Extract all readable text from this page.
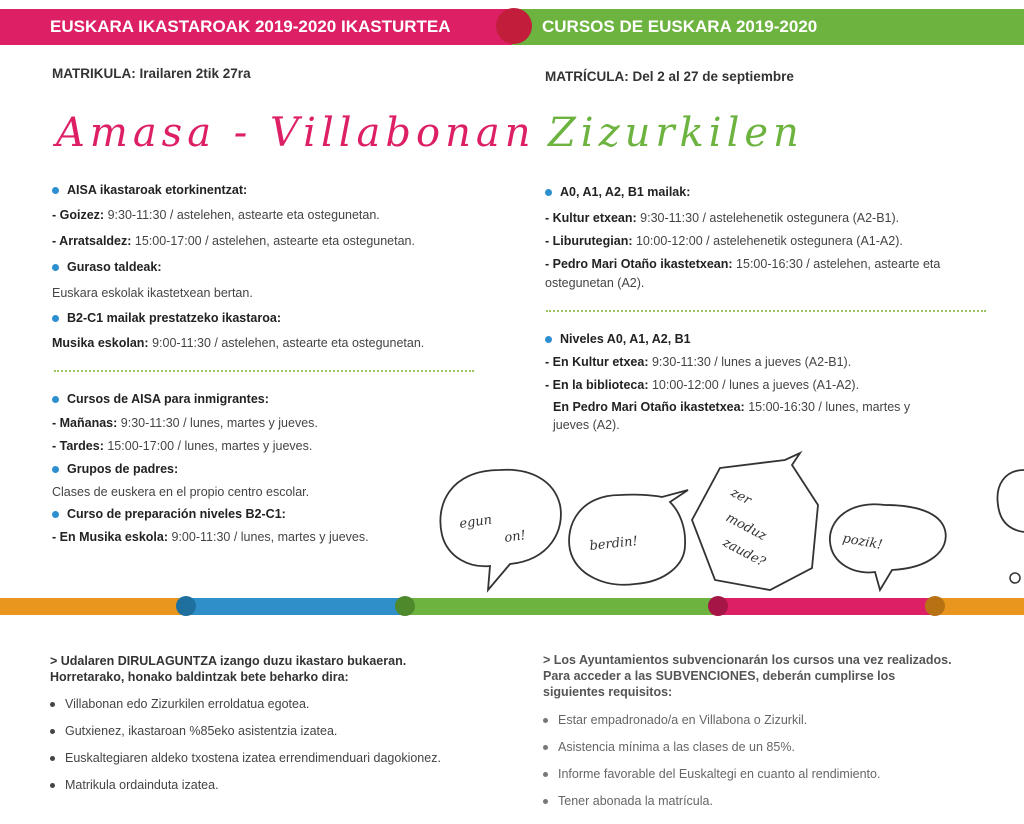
EUSKARA IKASTAROAK 2019-2020 IKASTURTEA	CURSOS DE EUSKARA 2019-2020
MATRIKULA: Irailaren 2tik 27ra	MATRÍCULA: Del 2 al 27 de septiembre
Amasa - Villabonan Zizurkilen
AISA ikastaroak etorkinentzat:
- Goizez: 9:30-11:30 / astelehen, astearte eta ostegunetan.
- Arratsaldez: 15:00-17:00 / astelehen, astearte eta ostegunetan.
Guraso taldeak:
Euskara eskolak ikastetxean bertan.
B2-C1 mailak prestatzeko ikastaroa:
Musika eskolan: 9:00-11:30 / astelehen, astearte eta ostegunetan.
Cursos de AISA para inmigrantes:
- Mañanas: 9:30-11:30 / lunes, martes y jueves.
- Tardes: 15:00-17:00 / lunes, martes y jueves.
Grupos de padres:
Clases de euskera en el propio centro escolar.
Curso de preparación niveles B2-C1:
- En Musika eskola: 9:00-11:30 / lunes, martes y jueves.
A0, A1, A2, B1 mailak:
- Kultur etxean: 9:30-11:30 / astelehenetik ostegunera (A2-B1).
- Liburutegian: 10:00-12:00 / astelehenetik ostegunera (A1-A2).
- Pedro Mari Otaño ikastetxean: 15:00-16:30 / astelehen, astearte eta
ostegunetan (A2).
Niveles A0, A1, A2, B1
- En Kultur etxea: 9:30-11:30 / lunes a jueves (A2-B1).
- En la biblioteca: 10:00-12:00 / lunes a jueves (A1-A2).
En Pedro Mari Otaño ikastetxea: 15:00-16:30 / lunes, martes y
jueves (A2).
egun
on!	berdin!
zer
moduz
zaude?	pozik!
> Udalaren DIRULAGUNTZA izango duzu ikastaro bukaeran.
Horretarako, honako baldintzak bete beharko dira:
Villabonan edo Zizurkilen erroldatua egotea.
Gutxienez, ikastaroan %85eko asistentzia izatea.
Euskaltegiaren aldeko txostena izatea errendimenduari dagokionez.
Matrikula ordainduta izatea.
> Los Ayuntamientos subvencionarán los cursos una vez realizados.
Para acceder a las SUBVENCIONES, deberán cumplirse los
siguientes requisitos:
Estar empadronado/a en Villabona o Zizurkil.
Asistencia mínima a las clases de un 85%.
Informe favorable del Euskaltegi en cuanto al rendimiento.
Tener abonada la matrícula.
